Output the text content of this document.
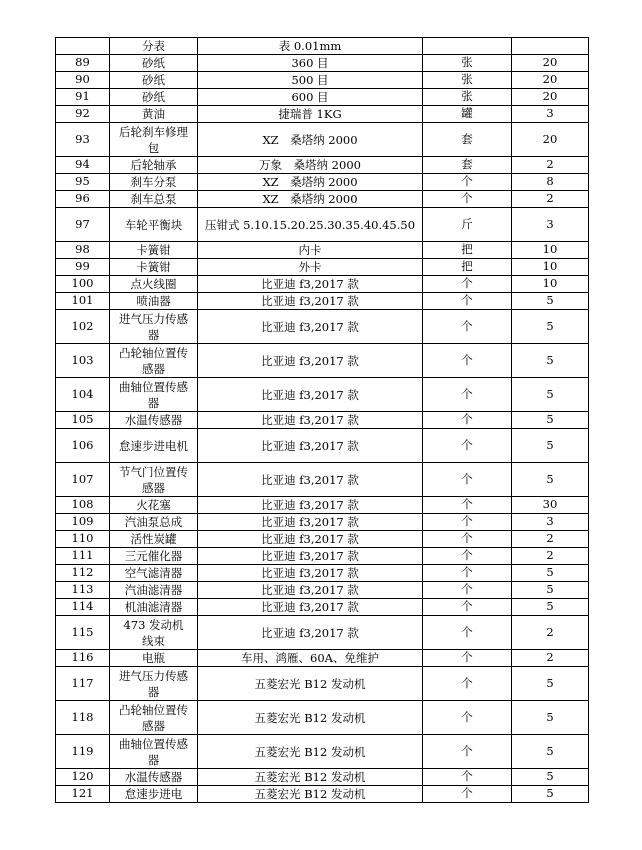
	分表	表 0.01mm		
89	砂纸	360 目	张	20
90	砂纸	500 目	张	20
91	砂纸	600 目	张	20
92	黄油	捷瑞普 1KG	罐	3
93	后轮刹车修理包	XZ　桑塔纳 2000	套	20
94	后轮轴承	万象　桑塔纳 2000	套	2
95	刹车分泵	XZ　桑塔纳 2000	个	8
96	刹车总泵	XZ　桑塔纳 2000	个	2
97	车轮平衡块	压钳式 5.10.15.20.25.30.35.40.45.50	斤	3
98	卡簧钳	内卡	把	10
99	卡簧钳	外卡	把	10
100	点火线圈	比亚迪 f3,2017 款	个	10
101	喷油器	比亚迪 f3,2017 款	个	5
102	进气压力传感器	比亚迪 f3,2017 款	个	5
103	凸轮轴位置传感器	比亚迪 f3,2017 款	个	5
104	曲轴位置传感器	比亚迪 f3,2017 款	个	5
105	水温传感器	比亚迪 f3,2017 款	个	5
106	怠速步进电机	比亚迪 f3,2017 款	个	5
107	节气门位置传感器	比亚迪 f3,2017 款	个	5
108	火花塞	比亚迪 f3,2017 款	个	30
109	汽油泵总成	比亚迪 f3,2017 款	个	3
110	活性炭罐	比亚迪 f3,2017 款	个	2
111	三元催化器	比亚迪 f3,2017 款	个	2
112	空气滤清器	比亚迪 f3,2017 款	个	5
113	汽油滤清器	比亚迪 f3,2017 款	个	5
114	机油滤清器	比亚迪 f3,2017 款	个	5
115	473 发动机线束	比亚迪 f3,2017 款	个	2
116	电瓶	车用、鸿雁、60A、免维护	个	2
117	进气压力传感器	五菱宏光 B12 发动机	个	5
118	凸轮轴位置传感器	五菱宏光 B12 发动机	个	5
119	曲轴位置传感器	五菱宏光 B12 发动机	个	5
120	水温传感器	五菱宏光 B12 发动机	个	5
121	怠速步进电	五菱宏光 B12 发动机	个	5
